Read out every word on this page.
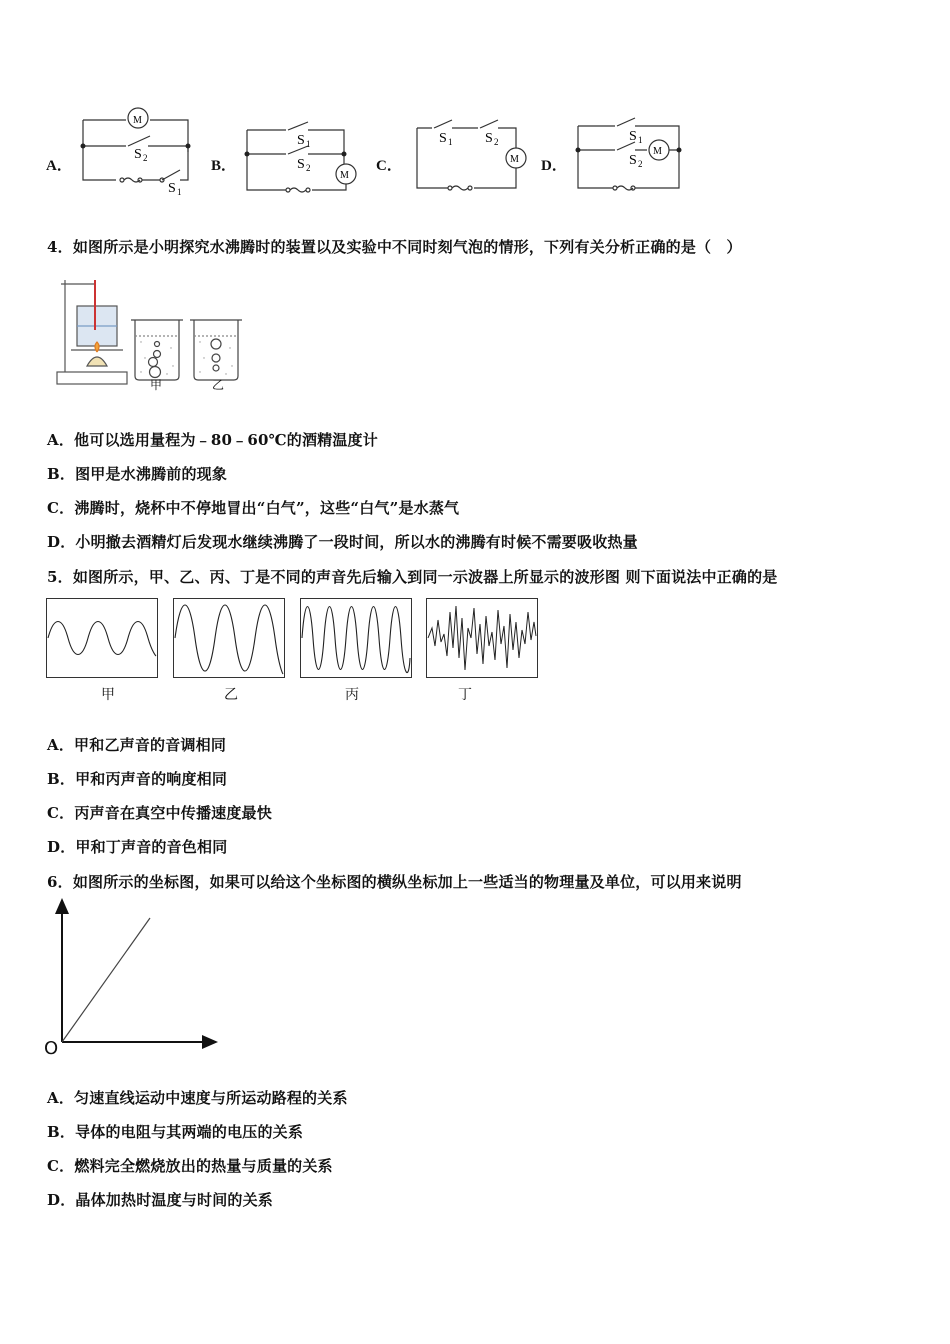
A．
M
S 2
S 1
B．
M
S 1
S 2	C．	M
S 1 S 2
D．
M
S 1
S 2
4．如图所示是小明探究水沸腾时的装置以及实验中不同时刻气泡的情形，下列有关分析正确的是（　）
甲	乙
A．他可以选用量程为﹣80﹣60℃的酒精温度计
B．图甲是水沸腾前的现象
C．沸腾时，烧杯中不停地冒出“白气”，这些“白气”是水蒸气
D．小明撤去酒精灯后发现水继续沸腾了一段时间，所以水的沸腾有时候不需要吸收热量
5．如图所示，甲、乙、丙、丁是不同的声音先后输入到同一示波器上所显示的波形图 则下面说法中正确的是
甲	乙	丙	丁
A．甲和乙声音的音调相同
B．甲和丙声音的响度相同
C．丙声音在真空中传播速度最快
D．甲和丁声音的音色相同
6．如图所示的坐标图，如果可以给这个坐标图的横纵坐标加上一些适当的物理量及单位，可以用来说明
O
A．匀速直线运动中速度与所运动路程的关系
B．导体的电阻与其两端的电压的关系
C．燃料完全燃烧放出的热量与质量的关系
D．晶体加热时温度与时间的关系
